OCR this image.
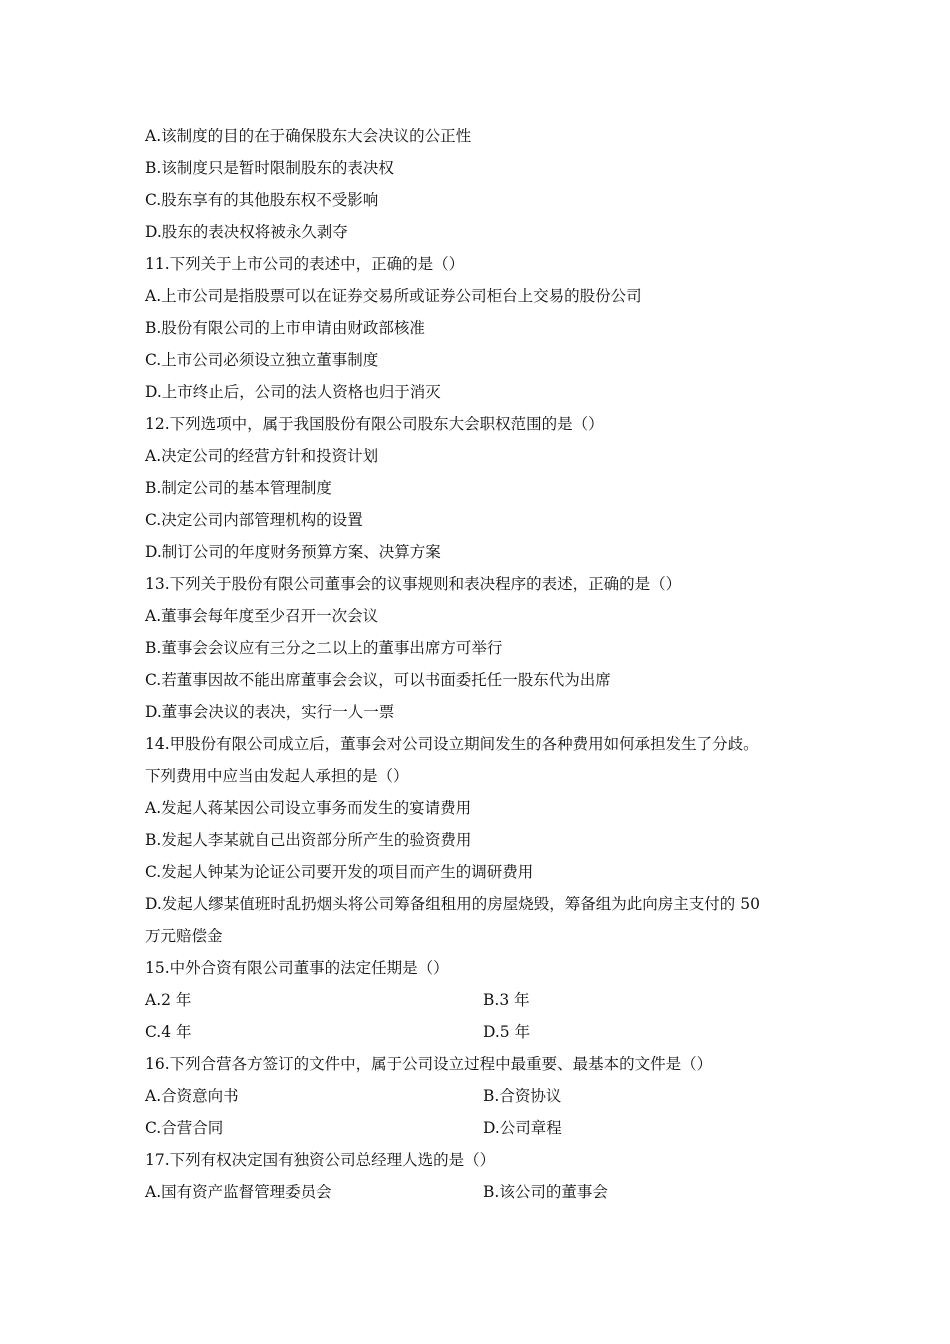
A.该制度的目的在于确保股东大会决议的公正性
B.该制度只是暂时限制股东的表决权
C.股东享有的其他股东权不受影响
D.股东的表决权将被永久剥夺
11.下列关于上市公司的表述中，正确的是（）
A.上市公司是指股票可以在证券交易所或证券公司柜台上交易的股份公司
B.股份有限公司的上市申请由财政部核准
C.上市公司必须设立独立董事制度
D.上市终止后，公司的法人资格也归于消灭
12.下列选项中，属于我国股份有限公司股东大会职权范围的是（）
A.决定公司的经营方针和投资计划
B.制定公司的基本管理制度
C.决定公司内部管理机构的设置
D.制订公司的年度财务预算方案、决算方案
13.下列关于股份有限公司董事会的议事规则和表决程序的表述，正确的是（）
A.董事会每年度至少召开一次会议
B.董事会会议应有三分之二以上的董事出席方可举行
C.若董事因故不能出席董事会会议，可以书面委托任一股东代为出席
D.董事会决议的表决，实行一人一票
14.甲股份有限公司成立后，董事会对公司设立期间发生的各种费用如何承担发生了分歧。
下列费用中应当由发起人承担的是（）
A.发起人蒋某因公司设立事务而发生的宴请费用
B.发起人李某就自己出资部分所产生的验资费用
C.发起人钟某为论证公司要开发的项目而产生的调研费用
D.发起人缪某值班时乱扔烟头将公司筹备组租用的房屋烧毁，筹备组为此向房主支付的 50
万元赔偿金
15.中外合资有限公司董事的法定任期是（）
A.2 年	B.3 年
C.4 年	D.5 年
16.下列合营各方签订的文件中，属于公司设立过程中最重要、最基本的文件是（）
A.合资意向书	B.合资协议
C.合营合同	D.公司章程
17.下列有权决定国有独资公司总经理人选的是（）
A.国有资产监督管理委员会	B.该公司的董事会
